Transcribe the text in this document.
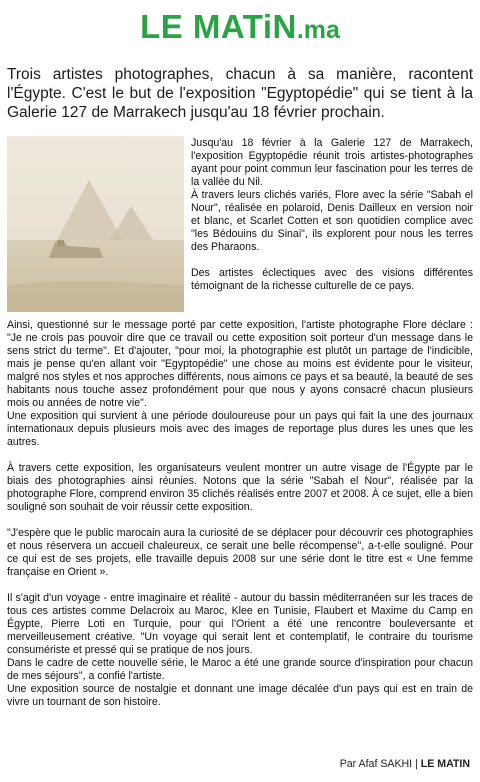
LE MATiN.ma
Trois artistes photographes, chacun à sa manière, racontent l'Égypte. C'est le but de l'exposition "Egyptopédie" qui se tient à la Galerie 127 de Marrakech jusqu'au 18 février prochain.

Jusqu'au 18 février à la Galerie 127 de Marrakech, l'exposition Egyptopédie réunit trois artistes-photographes ayant pour point commun leur fascination pour les terres de la vallée du Nil.

À travers leurs clichés variés, Flore avec la série "Sabah el Nour", réalisée en polaroid, Denis Dailleux en version noir et blanc, et Scarlet Cotten et son quotidien complice avec "les Bédouins du Sinai", ils explorent pour nous les terres des Pharaons.

Des artistes éclectiques avec des visions différentes témoignant de la richesse culturelle de ce pays.

Ainsi, questionné sur le message porté par cette exposition, l'artiste photographe Flore déclare : "Je ne crois pas pouvoir dire que ce travail ou cette exposition soit porteur d'un message dans le sens strict du terme". Et d'ajouter, "pour moi, la photographie est plutôt un partage de l'indicible, mais je pense qu'en allant voir "Egyptopédie" une chose au moins est évidente pour le visiteur, malgré nos styles et nos approches différents, nous aimons ce pays et sa beauté, la beauté de ses habitants nous touche assez profondément pour que nous y ayons consacré chacun plusieurs mois ou années de notre vie".

Une exposition qui survient à une période douloureuse pour un pays qui fait la une des journaux internationaux depuis plusieurs mois avec des images de reportage plus dures les unes que les autres.

À travers cette exposition, les organisateurs veulent montrer un autre visage de l'Égypte par le biais des photographies ainsi réunies. Notons que la série "Sabah el Nour", réalisée par la photographe Flore, comprend environ 35 clichés réalisés entre 2007 et 2008. À ce sujet, elle a bien souligné son souhait de voir réussir cette exposition.

"J'espère que le public marocain aura la curiosité de se déplacer pour découvrir ces photographies et nous réservera un accueil chaleureux, ce serait une belle récompense", a-t-elle souligné. Pour ce qui est de ses projets, elle travaille depuis 2008 sur une série dont le titre est « Une femme française en Orient ».

Il s'agit d'un voyage - entre imaginaire et réalité - autour du bassin méditerranéen sur les traces de tous ces artistes comme Delacroix au Maroc, Klee en Tunisie, Flaubert et Maxime du Camp en Égypte, Pierre Loti en Turquie, pour qui l'Orient a été une rencontre bouleversante et merveilleusement créative. "Un voyage qui serait lent et contemplatif, le contraire du tourisme consumériste et pressé qui se pratique de nos jours.

Dans le cadre de cette nouvelle série, le Maroc a été une grande source d'inspiration pour chacun de mes séjours", a confié l'artiste.

Une exposition source de nostalgie et donnant une image décalée d'un pays qui est en train de vivre un tournant de son histoire.

Par Afaf SAKHI | LE MATIN
